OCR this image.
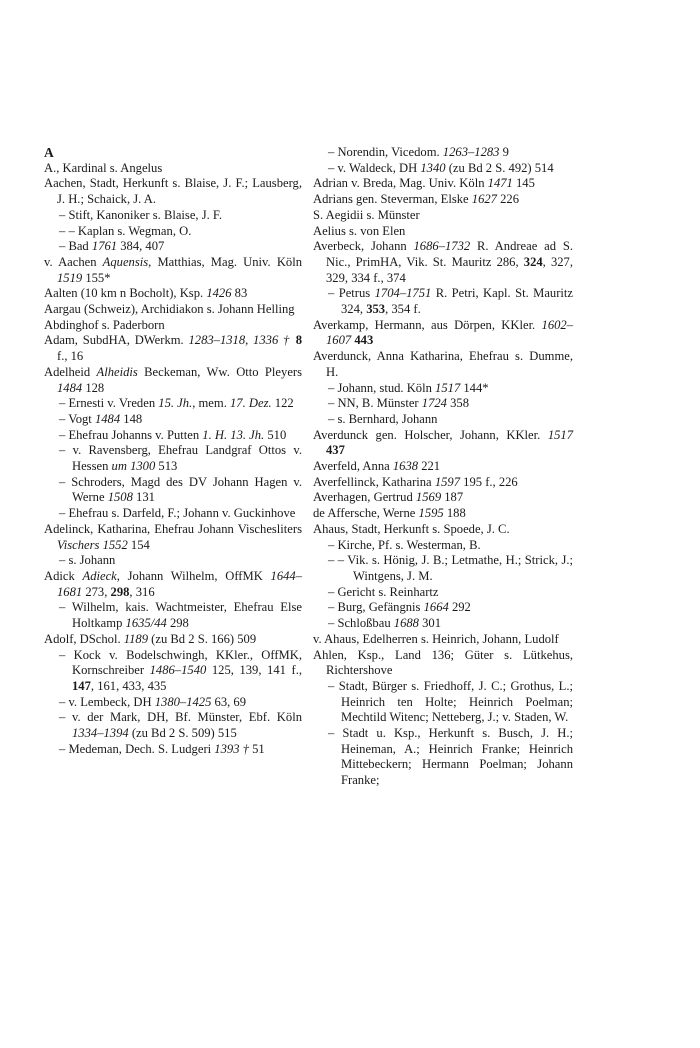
A
A., Kardinal s. Angelus
Aachen, Stadt, Herkunft s. Blaise, J. F.; Lausberg, J. H.; Schaick, J. A.
– Stift, Kanoniker s. Blaise, J. F.
– – Kaplan s. Wegman, O.
– Bad 1761 384, 407
v. Aachen Aquensis, Matthias, Mag. Univ. Köln 1519 155*
Aalten (10 km n Bocholt), Ksp. 1426 83
Aargau (Schweiz), Archidiakon s. Johann Helling
Abdinghof s. Paderborn
Adam, SubdHA, DWerkm. 1283–1318, 1336 † 8 f., 16
Adelheid Alheidis Beckeman, Ww. Otto Pleyers 1484 128
– Ernesti v. Vreden 15. Jh., mem. 17. Dez. 122
– Vogt 1484 148
– Ehefrau Johanns v. Putten 1. H. 13. Jh. 510
– v. Ravensberg, Ehefrau Landgraf Ottos v. Hessen um 1300 513
– Schroders, Magd des DV Johann Hagen v. Werne 1508 131
– Ehefrau s. Darfeld, F.; Johann v. Guckinhove
Adelinck, Katharina, Ehefrau Johann Vischesliters Vischers 1552 154
– s. Johann
Adick Adieck, Johann Wilhelm, OffMK 1644–1681 273, 298, 316
– Wilhelm, kais. Wachtmeister, Ehefrau Else Holtkamp 1635/44 298
Adolf, DSchol. 1189 (zu Bd 2 S. 166) 509
– Kock v. Bodelschwingh, KKler., OffMK, Kornschreiber 1486–1540 125, 139, 141 f., 147, 161, 433, 435
– v. Lembeck, DH 1380–1425 63, 69
– v. der Mark, DH, Bf. Münster, Ebf. Köln 1334–1394 (zu Bd 2 S. 509) 515
– Medeman, Dech. S. Ludgeri 1393 † 51
– Norendin, Vicedom. 1263–1283 9
– v. Waldeck, DH 1340 (zu Bd 2 S. 492) 514
Adrian v. Breda, Mag. Univ. Köln 1471 145
Adrians gen. Steverman, Elske 1627 226
S. Aegidii s. Münster
Aelius s. von Elen
Averbeck, Johann 1686–1732 R. Andreae ad S. Nic., PrimHA, Vik. St. Mauritz 286, 324, 327, 329, 334 f., 374
– Petrus 1704–1751 R. Petri, Kapl. St. Mauritz 324, 353, 354 f.
Averkamp, Hermann, aus Dörpen, KKler. 1602–1607 443
Averdunck, Anna Katharina, Ehefrau s. Dumme, H.
– Johann, stud. Köln 1517 144*
– NN, B. Münster 1724 358
– s. Bernhard, Johann
Averdunck gen. Holscher, Johann, KKler. 1517 437
Averfeld, Anna 1638 221
Averfellinck, Katharina 1597 195 f., 226
Averhagen, Gertrud 1569 187
de Affersche, Werne 1595 188
Ahaus, Stadt, Herkunft s. Spoede, J. C.
– Kirche, Pf. s. Westerman, B.
– – Vik. s. Hönig, J. B.; Letmathe, H.; Strick, J.; Wintgens, J. M.
– Gericht s. Reinhartz
– Burg, Gefängnis 1664 292
– Schloßbau 1688 301
v. Ahaus, Edelherren s. Heinrich, Johann, Ludolf
Ahlen, Ksp., Land 136; Güter s. Lütkehus, Richtershove
– Stadt, Bürger s. Friedhoff, J. C.; Grothus, L.; Heinrich ten Holte; Heinrich Poelman; Mechtild Witenc; Netteberg, J.; v. Staden, W.
– Stadt u. Ksp., Herkunft s. Busch, J. H.; Heineman, A.; Heinrich Franke; Heinrich Mittebeckern; Hermann Poelman; Johann Franke;
